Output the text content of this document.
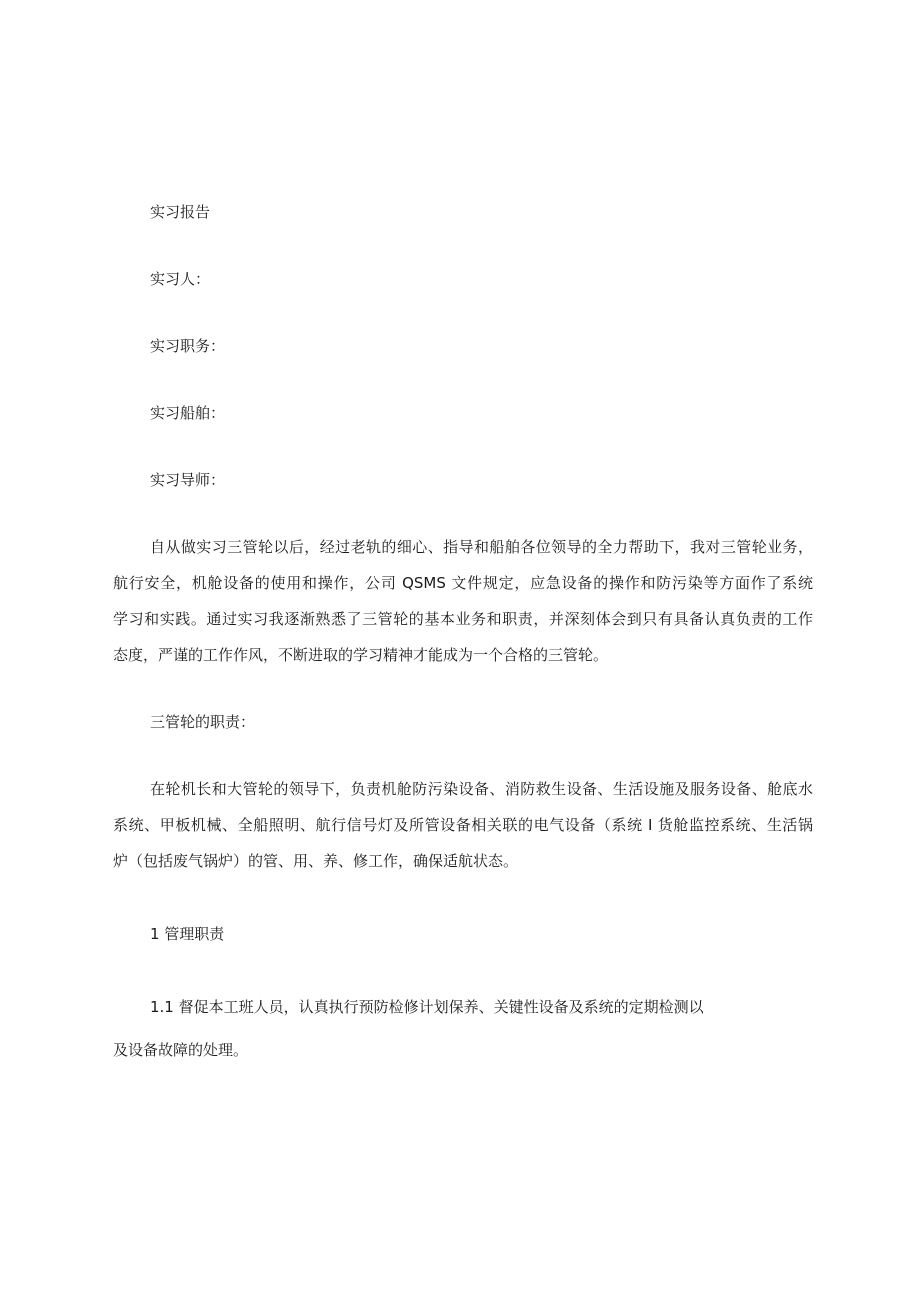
实习报告
实习人：
实习职务：
实习船舶：
实习导师：
自从做实习三管轮以后，经过老轨的细心、指导和船舶各位领导的全力帮助下，我对三管轮业务，
航行安全，机舱设备的使用和操作，公司 QSMS 文件规定，应急设备的操作和防污染等方面作了系统
学习和实践。通过实习我逐渐熟悉了三管轮的基本业务和职责，并深刻体会到只有具备认真负责的工作
态度，严谨的工作作风，不断进取的学习精神才能成为一个合格的三管轮。
三管轮的职责：
在轮机长和大管轮的领导下，负责机舱防污染设备、消防救生设备、生活设施及服务设备、舱底水
系统、甲板机械、全船照明、航行信号灯及所管设备相关联的电气设备（系统 I 货舱监控系统、生活锅
炉（包括废气锅炉）的管、用、养、修工作，确保适航状态。
1 管理职责
1.1 督促本工班人员，认真执行预防检修计划保养、关键性设备及系统的定期检测以
及设备故障的处理。
